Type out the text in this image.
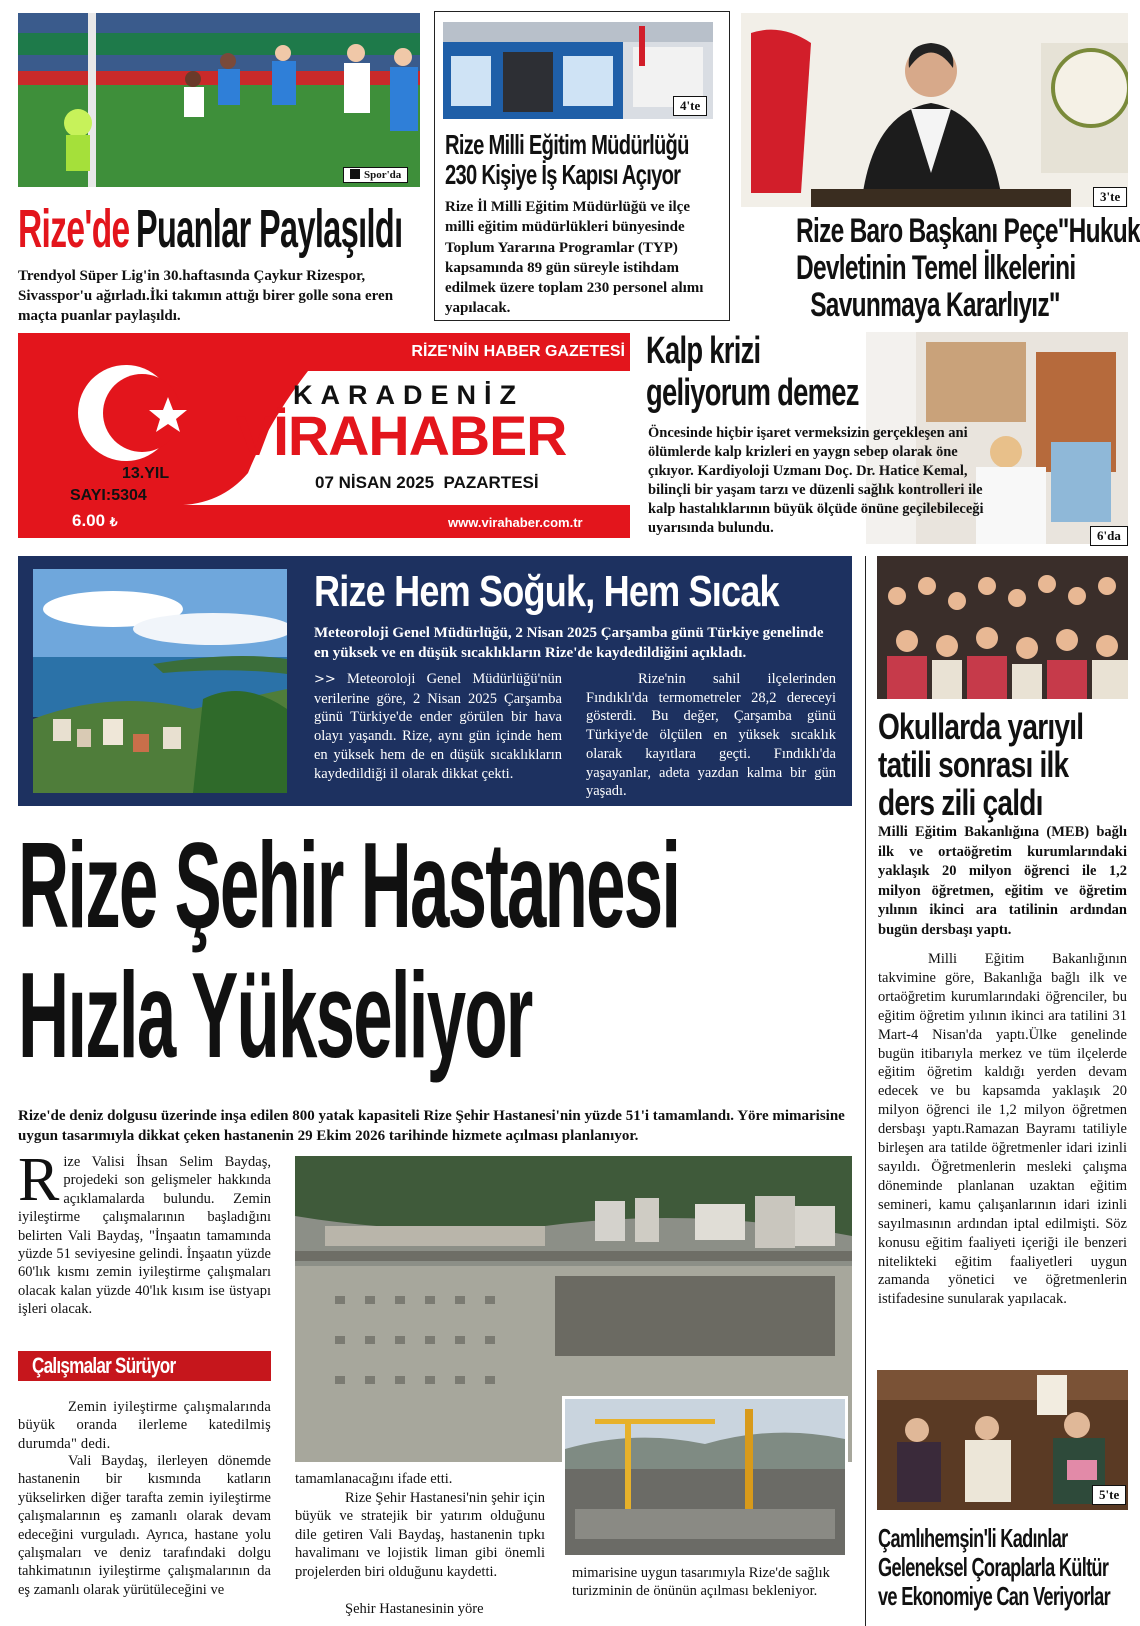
Spor'da
Rize'de Puanlar Paylaşıldı
Trendyol Süper Lig'in 30.haftasında Çaykur Rizespor, Sivasspor'u ağırladı.İki takımın attığı birer golle sona eren maçta puanlar paylaşıldı.
4'te
Rize Milli Eğitim Müdürlüğü
230 Kişiye İş Kapısı Açıyor
Rize İl Milli Eğitim Müdürlüğü ve ilçe milli eğitim müdürlükleri bünyesinde Toplum Yararına Programlar (TYP) kapsamında 89 gün süreyle istihdam edilmek üzere toplam 230 personel alımı yapılacak.
3'te
Rize Baro Başkanı Peçe"Hukuk
Devletinin Temel İlkelerini
Savunmaya Kararlıyız"
RİZE'NİN HABER GAZETESİ
KARADENİZ
VİRAHABER
13.YIL
SAYI:5304
07 NİSAN 2025  PAZARTESİ
6.00 ₺	www.virahaber.com.tr
6'da
Kalp krizi
geliyorum demez
Öncesinde hiçbir işaret vermeksizin gerçekleşen ani ölümlerde kalp krizleri en yaygn sebep olarak öne çıkıyor. Kardiyoloji Uzmanı Doç. Dr. Hatice Kemal, bilinçli bir yaşam tarzı ve düzenli sağlık kontrolleri ile kalp hastalıklarının büyük ölçüde önüne geçilebileceği uyarısında bulundu.
Rize Hem Soğuk, Hem Sıcak
Meteoroloji Genel Müdürlüğü, 2 Nisan 2025 Çarşamba günü Türkiye genelinde en yüksek ve en düşük sıcaklıkların Rize'de kaydedildiğini açıkladı.
>> Meteoroloji Genel Müdürlüğü'nün verilerine göre, 2 Nisan 2025 Çarşamba günü Türkiye'de ender görülen bir hava olayı yaşandı. Rize, aynı gün içinde hem en yüksek hem de en düşük sıcaklıkların kaydedildiği il olarak dikkat çekti.
Rize'nin sahil ilçelerinden Fındıklı'da termometreler 28,2 dereceyi gösterdi. Bu değer, Çarşamba günü Türkiye'de ölçülen en yüksek sıcaklık olarak kayıtlara geçti. Fındıklı'da yaşayanlar, adeta yazdan kalma bir gün yaşadı.
Rize Şehir Hastanesi
Hızla Yükseliyor
Rize'de deniz dolgusu üzerinde inşa edilen 800 yatak kapasiteli Rize Şehir Hastanesi'nin yüzde 51'i tamamlandı. Yöre mimarisine uygun tasarımıyla dikkat çeken hastanenin 29 Ekim 2026 tarihinde hizmete açılması planlanıyor.
Rize Valisi İhsan Selim Baydaş, projedeki son gelişmeler hakkında açıklamalarda bulundu. Zemin iyileştirme çalışmalarının başladığını belirten Vali Baydaş, "İnşaatın tamamında yüzde 51 seviyesine gelindi. İnşaatın yüzde 60'lık kısmı zemin iyileştirme çalışmaları olacak kalan yüzde 40'lık kısım ise üstyapı işleri olacak.
Çalışmalar Sürüyor
Zemin iyileştirme çalışmalarında büyük oranda ilerleme katedilmiş durumda" dedi.
Vali Baydaş, ilerleyen dönemde hastanenin bir kısmında katların yükselirken diğer tarafta zemin iyileştirme çalışmalarının eş zamanlı olarak devam edeceğini vurguladı. Ayrıca, hastane yolu çalışmaları ve deniz tarafındaki dolgu tahkimatının iyileştirme çalışmalarının da eş zamanlı olarak yürütüleceğini ve
tamamlanacağını ifade etti.
Rize Şehir Hastanesi'nin şehir için büyük ve stratejik bir yatırım olduğunu dile getiren Vali Baydaş, hastanenin tıpkı havalimanı ve lojistik liman gibi önemli projelerden biri olduğunu kaydetti.
Şehir Hastanesinin yöre
mimarisine uygun tasarımıyla Rize'de sağlık turizminin de önünün açılması bekleniyor.
Okullarda yarıyıl
tatili sonrası ilk
ders zili çaldı
Milli Eğitim Bakanlığına (MEB) bağlı ilk ve ortaöğretim kurumlarındaki yaklaşık 20 milyon öğrenci ile 1,2 milyon öğretmen, eğitim ve öğretim yılının ikinci ara tatilinin ardından bugün dersbaşı yaptı.
Milli Eğitim Bakanlığının takvimine göre, Bakanlığa bağlı ilk ve ortaöğretim kurumlarındaki öğrenciler, bu eğitim öğretim yılının ikinci ara tatilini 31 Mart-4 Nisan'da yaptı.Ülke genelinde bugün itibarıyla merkez ve tüm ilçelerde eğitim öğretim kaldığı yerden devam edecek ve bu kapsamda yaklaşık 20 milyon öğrenci ile 1,2 milyon öğretmen dersbaşı yaptı.Ramazan Bayramı tatiliyle birleşen ara tatilde öğretmenler idari izinli sayıldı. Öğretmenlerin mesleki çalışma döneminde planlanan uzaktan eğitim semineri, kamu çalışanlarının idari izinli sayılmasının ardından iptal edilmişti. Söz konusu eğitim faaliyeti içeriği ile benzeri nitelikteki eğitim faaliyetleri uygun zamanda yönetici ve öğretmenlerin istifadesine sunularak yapılacak.
5'te
Çamlıhemşin'li Kadınlar
Geleneksel Çoraplarla Kültür
ve Ekonomiye Can Veriyorlar
